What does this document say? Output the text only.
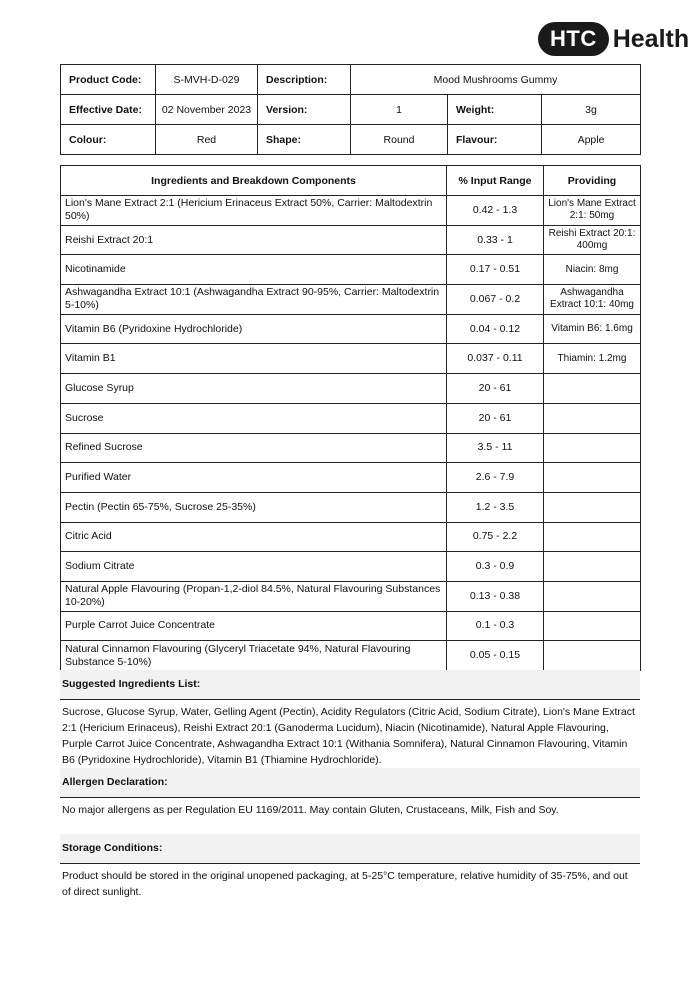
HTC Health
Product Code:	S-MVH-D-029	Description:	Mood Mushrooms Gummy		
Effective Date:	02 November 2023	Version:	1	Weight:	3g
Colour:	Red	Shape:	Round	Flavour:	Apple
Ingredients and Breakdown Components	% Input Range	Providing
Lion's Mane Extract 2:1 (Hericium Erinaceus Extract 50%, Carrier: Maltodextrin 50%)	0.42 - 1.3	Lion's Mane Extract 2:1: 50mg
Reishi Extract 20:1	0.33 - 1	Reishi Extract 20:1: 400mg
Nicotinamide	0.17 - 0.51	Niacin: 8mg
Ashwagandha Extract 10:1 (Ashwagandha Extract 90-95%, Carrier: Maltodextrin 5-10%)	0.067 - 0.2	Ashwagandha Extract 10:1: 40mg
Vitamin B6 (Pyridoxine Hydrochloride)	0.04 - 0.12	Vitamin B6: 1.6mg
Vitamin B1	0.037 - 0.11	Thiamin: 1.2mg
Glucose Syrup	20 - 61	
Sucrose	20 - 61	
Refined Sucrose	3.5 - 11	
Purified Water	2.6 - 7.9	
Pectin (Pectin 65-75%, Sucrose 25-35%)	1.2 - 3.5	
Citric Acid	0.75 - 2.2	
Sodium Citrate	0.3 - 0.9	
Natural Apple Flavouring (Propan-1,2-diol 84.5%, Natural Flavouring Substances 10-20%)	0.13 - 0.38	
Purple Carrot Juice Concentrate	0.1 - 0.3	
Natural Cinnamon Flavouring (Glyceryl Triacetate 94%, Natural Flavouring Substance 5-10%)	0.05 - 0.15	
Suggested Ingredients List:
Sucrose, Glucose Syrup, Water, Gelling Agent (Pectin), Acidity Regulators (Citric Acid, Sodium Citrate), Lion's Mane Extract 2:1 (Hericium Erinaceus), Reishi Extract 20:1 (Ganoderma Lucidum), Niacin (Nicotinamide), Natural Apple Flavouring, Purple Carrot Juice Concentrate, Ashwagandha Extract 10:1 (Withania Somnifera), Natural Cinnamon Flavouring, Vitamin B6 (Pyridoxine Hydrochloride), Vitamin B1 (Thiamine Hydrochloride).
Allergen Declaration:
No major allergens as per Regulation EU 1169/2011. May contain Gluten, Crustaceans, Milk, Fish and Soy.
Storage Conditions:
Product should be stored in the original unopened packaging, at 5-25°C temperature, relative humidity of 35-75%, and out of direct sunlight.
